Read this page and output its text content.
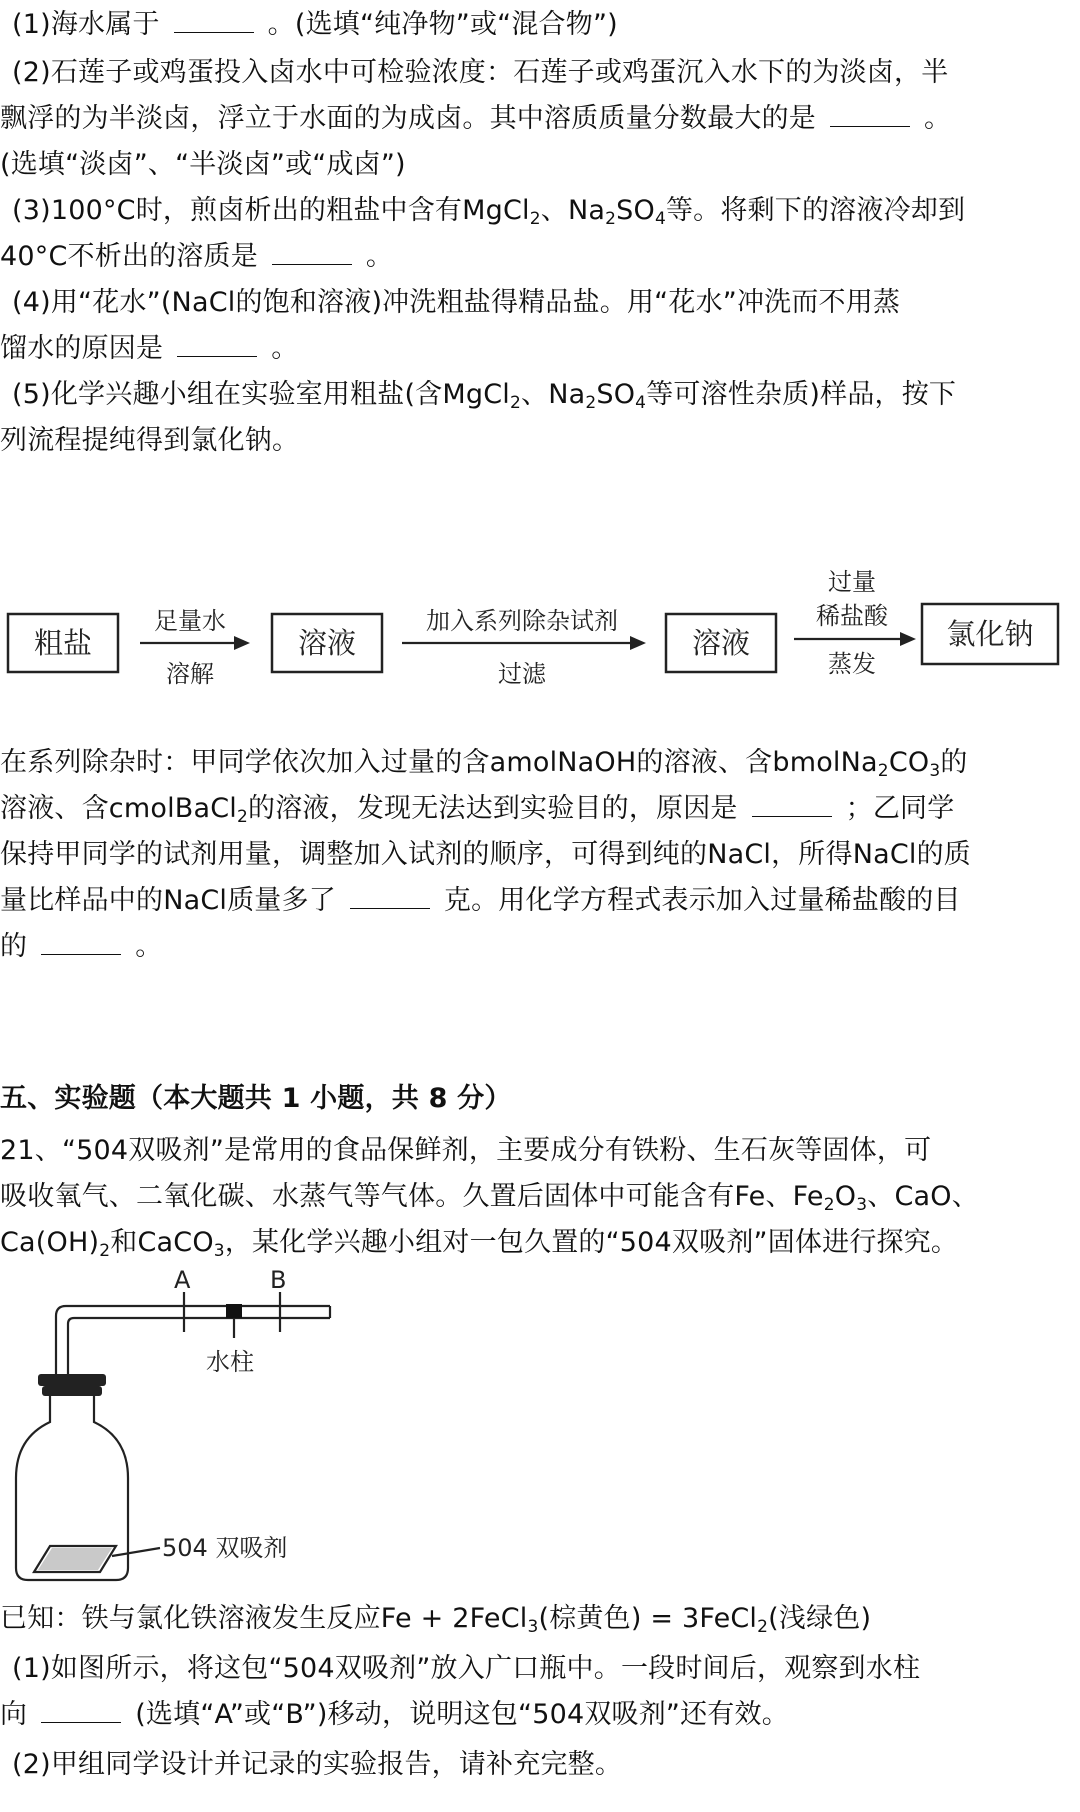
(1)海水属于	。(选填“纯净物”或“混合物”)
(2)石莲子或鸡蛋投入卤水中可检验浓度：石莲子或鸡蛋沉入水下的为淡卤，半
飘浮的为半淡卤，浮立于水面的为成卤。其中溶质质量分数最大的是	。
(选填“淡卤”、“半淡卤”或“成卤”)
(3)100°C时，煎卤析出的粗盐中含有MgCl$_2$、$Na_2SO_4$等。将剩下的溶液冷却到
40°C不析出的溶质是	。
(4)用“花水”(NaCl的饱和溶液)冲洗粗盐得精品盐。用“花水”冲洗而不用蒸
馏水的原因是	。
(5)化学兴趣小组在实验室用粗盐(含MgCl$_2$、$Na_2SO_4$等可溶性杂质)样品，按下
列流程提纯得到氯化钠。
粗盐	溶液	溶液	氯化钠
足量水
溶解
加入系列除杂试剂
过滤
过量
稀盐酸
蒸发
在系列除杂时：甲同学依次加入过量的含amolNaOH的溶液、含$bmolNa_2CO_3$的
溶液、含cmolBaCl$_2$的溶液，发现无法达到实验目的，原因是	；乙同学
保持甲同学的试剂用量，调整加入试剂的顺序，可得到纯的NaCl，所得NaCl的质
量比样品中的NaCl质量多了	克。用化学方程式表示加入过量稀盐酸的目
的	。
五、实验题（本大题共 1 小题，共 8 分）
21、“504双吸剂”是常用的食品保鲜剂，主要成分有铁粉、生石灰等固体，可
吸收氧气、二氧化碳、水蒸气等气体。久置后固体中可能含有Fe、$Fe_2O_3$、CaO、
$Ca(OH)_2$和CaCO$_3$，某化学兴趣小组对一包久置的“504双吸剂”固体进行探究。
A	B
水柱
504 双吸剂
已知：铁与氯化铁溶液发生反应Fe + 2FeCl$_3$(棕黄色) = 3FeCl$_2$(浅绿色)
(1)如图所示，将这包“504双吸剂”放入广口瓶中。一段时间后，观察到水柱
向	(选填“A”或“B”)移动，说明这包“504双吸剂”还有效。
(2)甲组同学设计并记录的实验报告，请补充完整。
